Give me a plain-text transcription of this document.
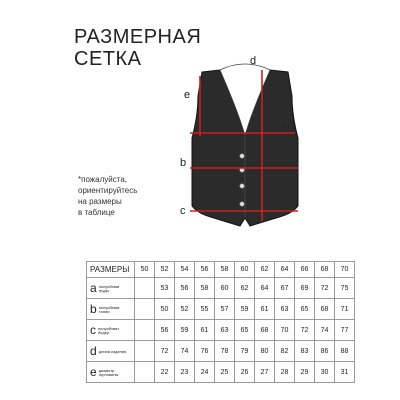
РАЗМЕРНАЯ
СЕТКА	d
e
a
b
c
*пожалуйста,
ориентируйтесь
на размеры
в таблице
РАЗМЕРЫ	50	52	54	56	58	60	62	64	66	68	70
a полуобхват груди		53	56	58	60	62	64	67	69	72	75
b полуобхват талии		50	52	55	57	59	61	63	65	68	71
c полуобхват бедер		56	59	61	63	65	68	70	72	74	77
d длина изделия		72	74	76	78	79	80	82	83	86	88
e диаметр горловины		22	23	24	25	26	27	28	29	30	31
